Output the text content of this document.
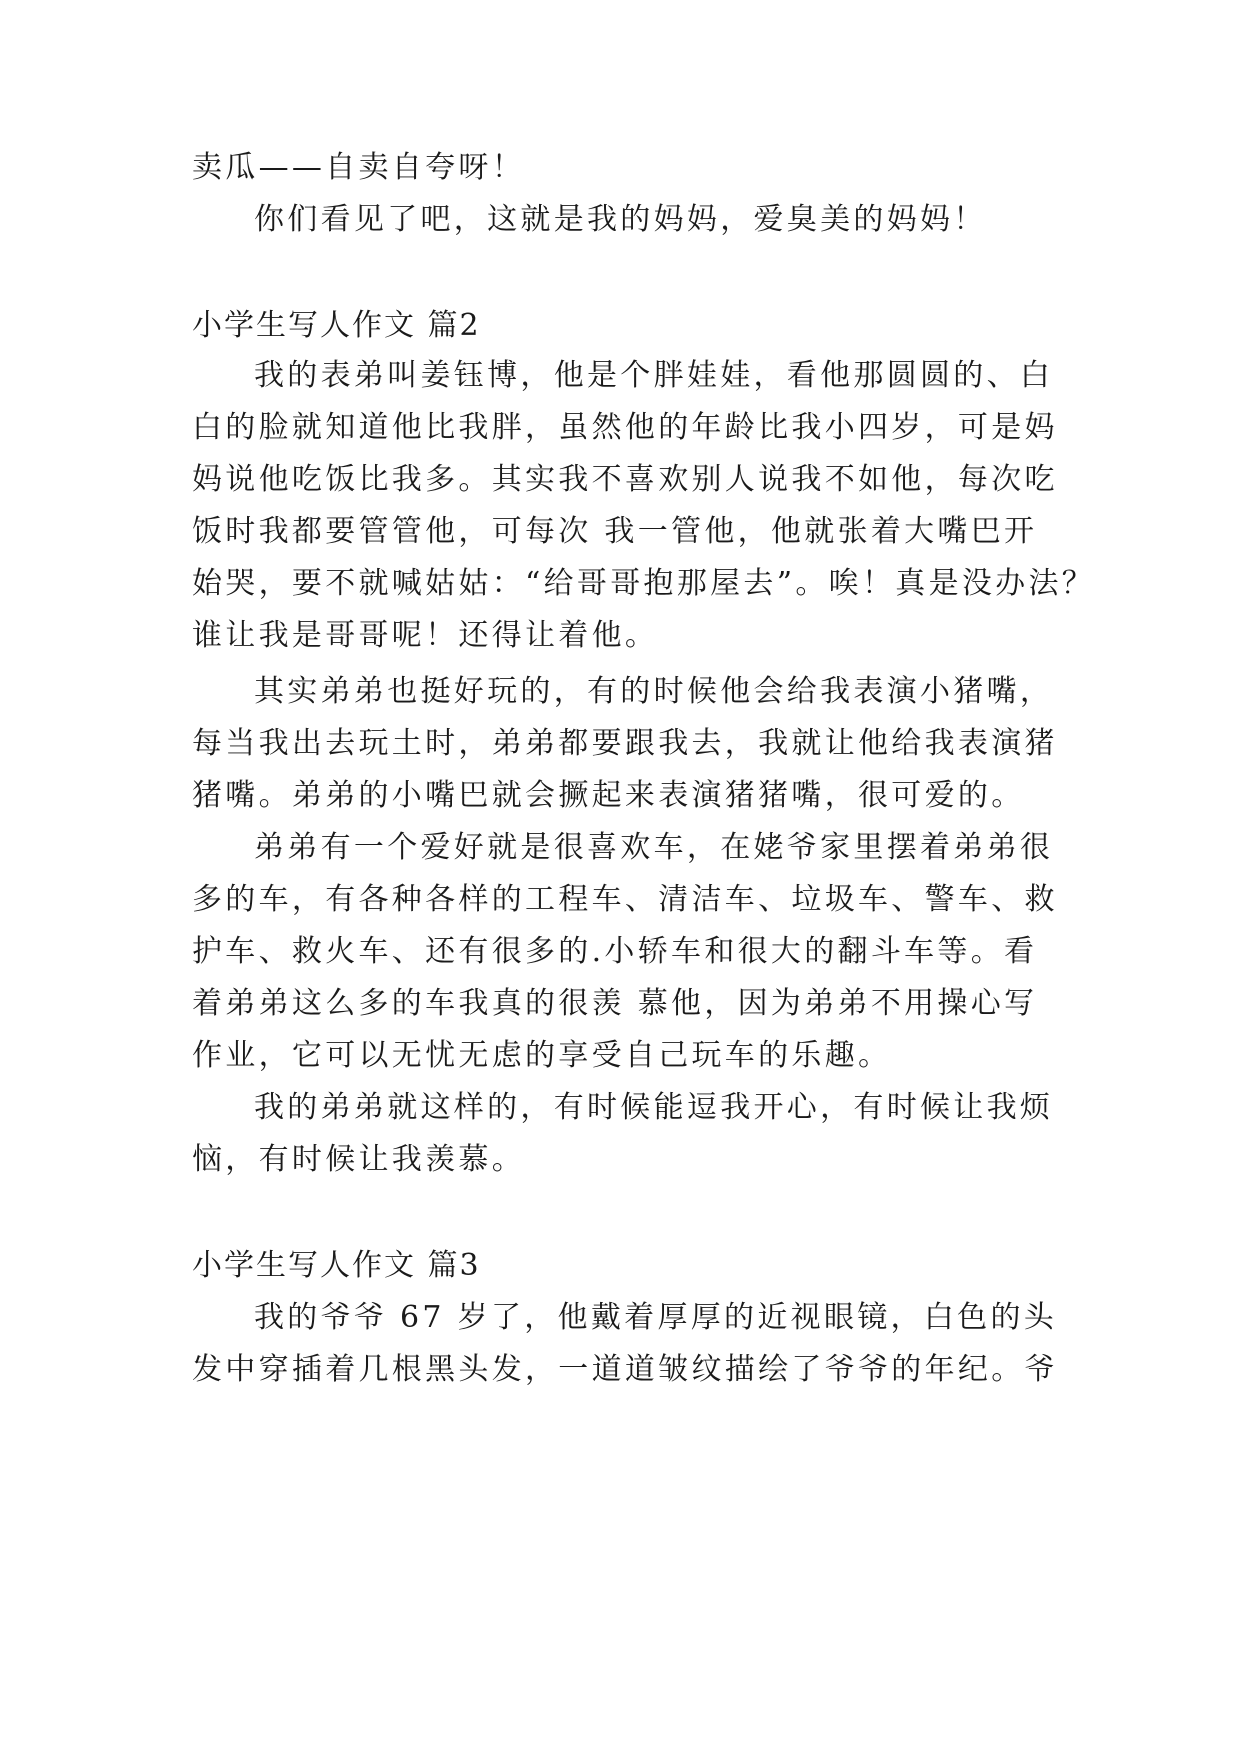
卖瓜——自卖自夸呀！
你们看见了吧，这就是我的妈妈，爱臭美的妈妈！
小学生写人作文 篇2
我的表弟叫姜钰博，他是个胖娃娃，看他那圆圆的、白
白的脸就知道他比我胖，虽然他的年龄比我小四岁，可是妈
妈说他吃饭比我多。其实我不喜欢别人说我不如他，每次吃
饭时我都要管管他，可每次 我一管他，他就张着大嘴巴开
始哭，要不就喊姑姑：“给哥哥抱那屋去”。唉！真是没办法？
谁让我是哥哥呢！还得让着他。
其实弟弟也挺好玩的，有的时候他会给我表演小猪嘴，
每当我出去玩土时，弟弟都要跟我去，我就让他给我表演猪
猪嘴。弟弟的小嘴巴就会撅起来表演猪猪嘴，很可爱的。
弟弟有一个爱好就是很喜欢车，在姥爷家里摆着弟弟很
多的车，有各种各样的工程车、清洁车、垃圾车、警车、救
护车、救火车、还有很多的.小轿车和很大的翻斗车等。看
着弟弟这么多的车我真的很羡 慕他，因为弟弟不用操心写
作业，它可以无忧无虑的享受自己玩车的乐趣。
我的弟弟就这样的，有时候能逗我开心，有时候让我烦
恼，有时候让我羡慕。
小学生写人作文 篇3
我的爷爷 67 岁了，他戴着厚厚的近视眼镜，白色的头
发中穿插着几根黑头发，一道道皱纹描绘了爷爷的年纪。爷
